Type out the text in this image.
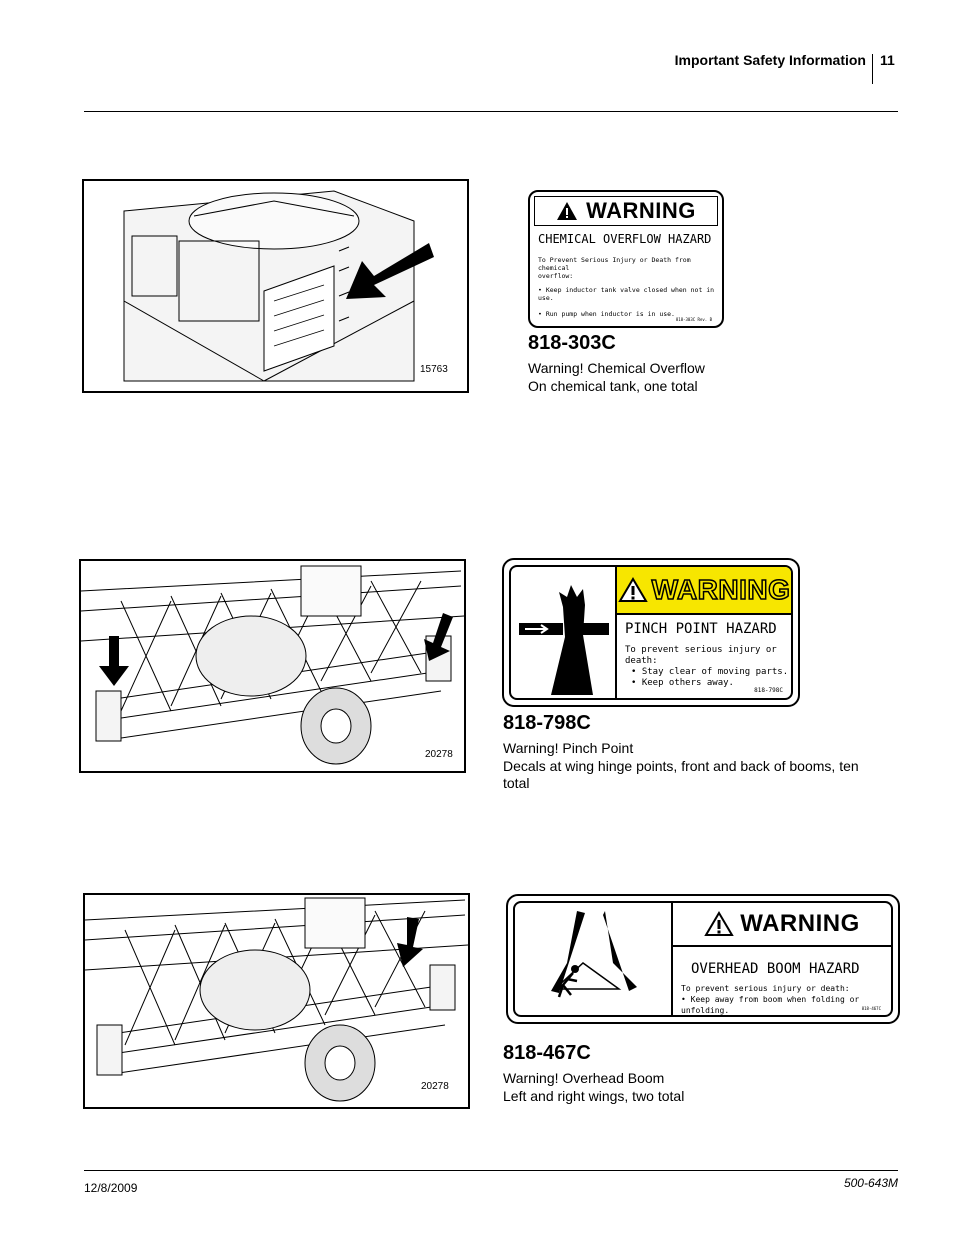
Important Safety Information 11
15763
WARNING
CHEMICAL OVERFLOW HAZARD
To Prevent Serious Injury or Death from chemical
overflow:
• Keep inductor tank valve closed when not in use.
• Run pump when inductor is in use.
818-303C Rev. B
818-303C
Warning! Chemical Overflow
On chemical tank, one total
20278
WARNING
PINCH POINT HAZARD
To prevent serious injury or death:
• Stay clear of moving parts.
• Keep others away.
818-798C
818-798C
Warning! Pinch Point
Decals at wing hinge points, front and back of booms, ten
total
20278
WARNING
OVERHEAD BOOM HAZARD
To prevent serious injury or death:
• Keep away from boom when folding or unfolding.	818-467C
818-467C
Warning! Overhead Boom
Left and right wings, two total
12/8/2009	500-643M
